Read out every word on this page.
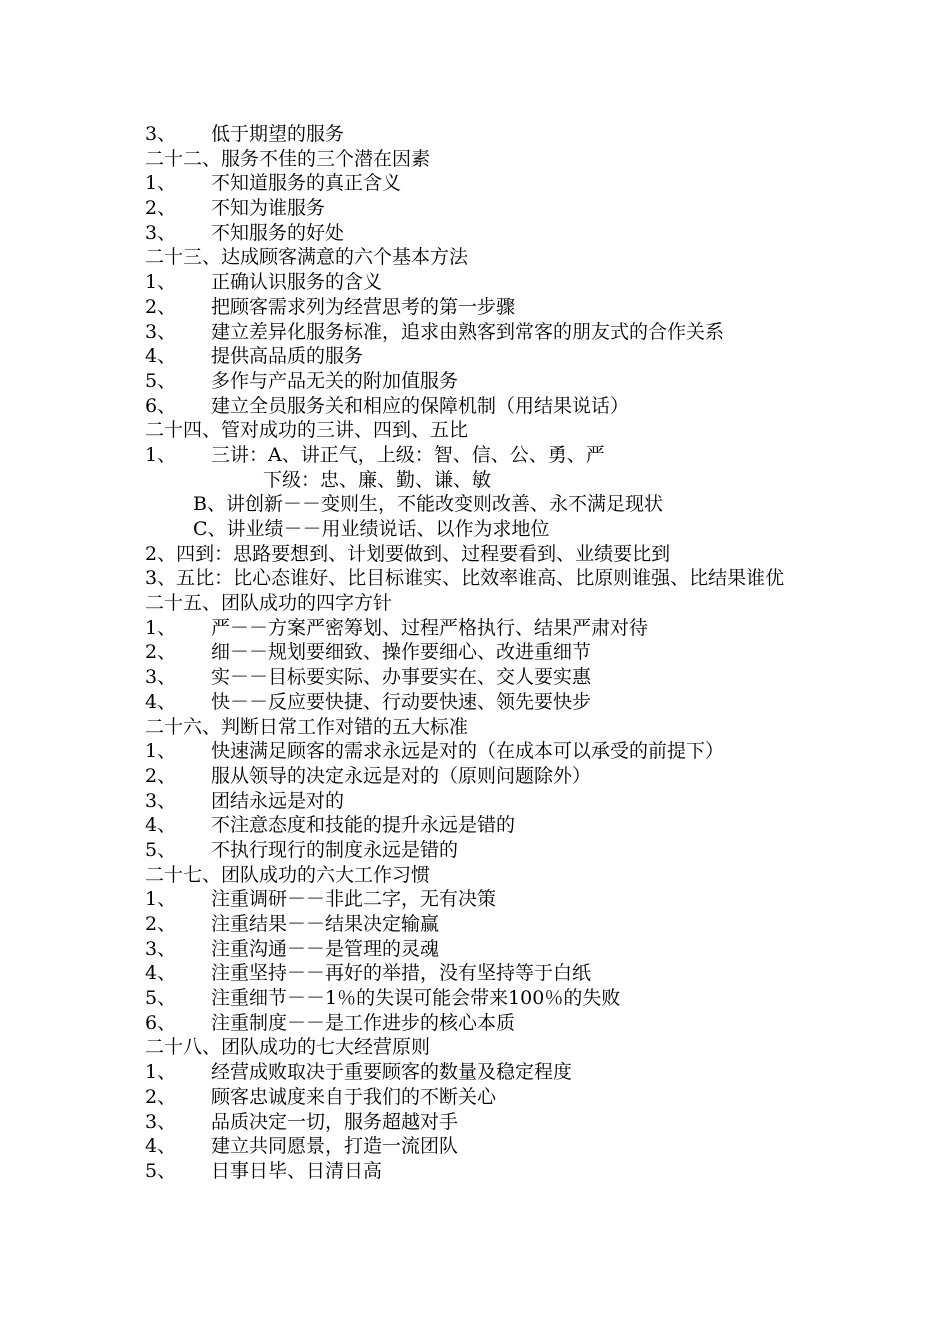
3、 低于期望的服务
二十二、服务不佳的三个潜在因素
1、 不知道服务的真正含义
2、 不知为谁服务
3、 不知服务的好处
二十三、达成顾客满意的六个基本方法
1、 正确认识服务的含义
2、 把顾客需求列为经营思考的第一步骤
3、 建立差异化服务标准，追求由熟客到常客的朋友式的合作关系
4、 提供高品质的服务
5、 多作与产品无关的附加值服务
6、 建立全员服务关和相应的保障机制（用结果说话）
二十四、管对成功的三讲、四到、五比
1、 三讲：A、讲正气，上级：智、信、公、勇、严
下级：忠、廉、勤、谦、敏
B、讲创新－－变则生，不能改变则改善、永不满足现状
C、讲业绩－－用业绩说话、以作为求地位
2、四到：思路要想到、计划要做到、过程要看到、业绩要比到
3、五比：比心态谁好、比目标谁实、比效率谁高、比原则谁强、比结果谁优
二十五、团队成功的四字方针
1、 严－－方案严密筹划、过程严格执行、结果严肃对待
2、 细－－规划要细致、操作要细心、改进重细节
3、 实－－目标要实际、办事要实在、交人要实惠
4、 快－－反应要快捷、行动要快速、领先要快步
二十六、判断日常工作对错的五大标准
1、 快速满足顾客的需求永远是对的（在成本可以承受的前提下）
2、 服从领导的决定永远是对的（原则问题除外）
3、 团结永远是对的
4、 不注意态度和技能的提升永远是错的
5、 不执行现行的制度永远是错的
二十七、团队成功的六大工作习惯
1、 注重调研－－非此二字，无有决策
2、 注重结果－－结果决定输赢
3、 注重沟通－－是管理的灵魂
4、 注重坚持－－再好的举措，没有坚持等于白纸
5、 注重细节－－1％的失误可能会带来100％的失败
6、 注重制度－－是工作进步的核心本质
二十八、团队成功的七大经营原则
1、 经营成败取决于重要顾客的数量及稳定程度
2、 顾客忠诚度来自于我们的不断关心
3、 品质决定一切，服务超越对手
4、 建立共同愿景，打造一流团队
5、 日事日毕、日清日高
